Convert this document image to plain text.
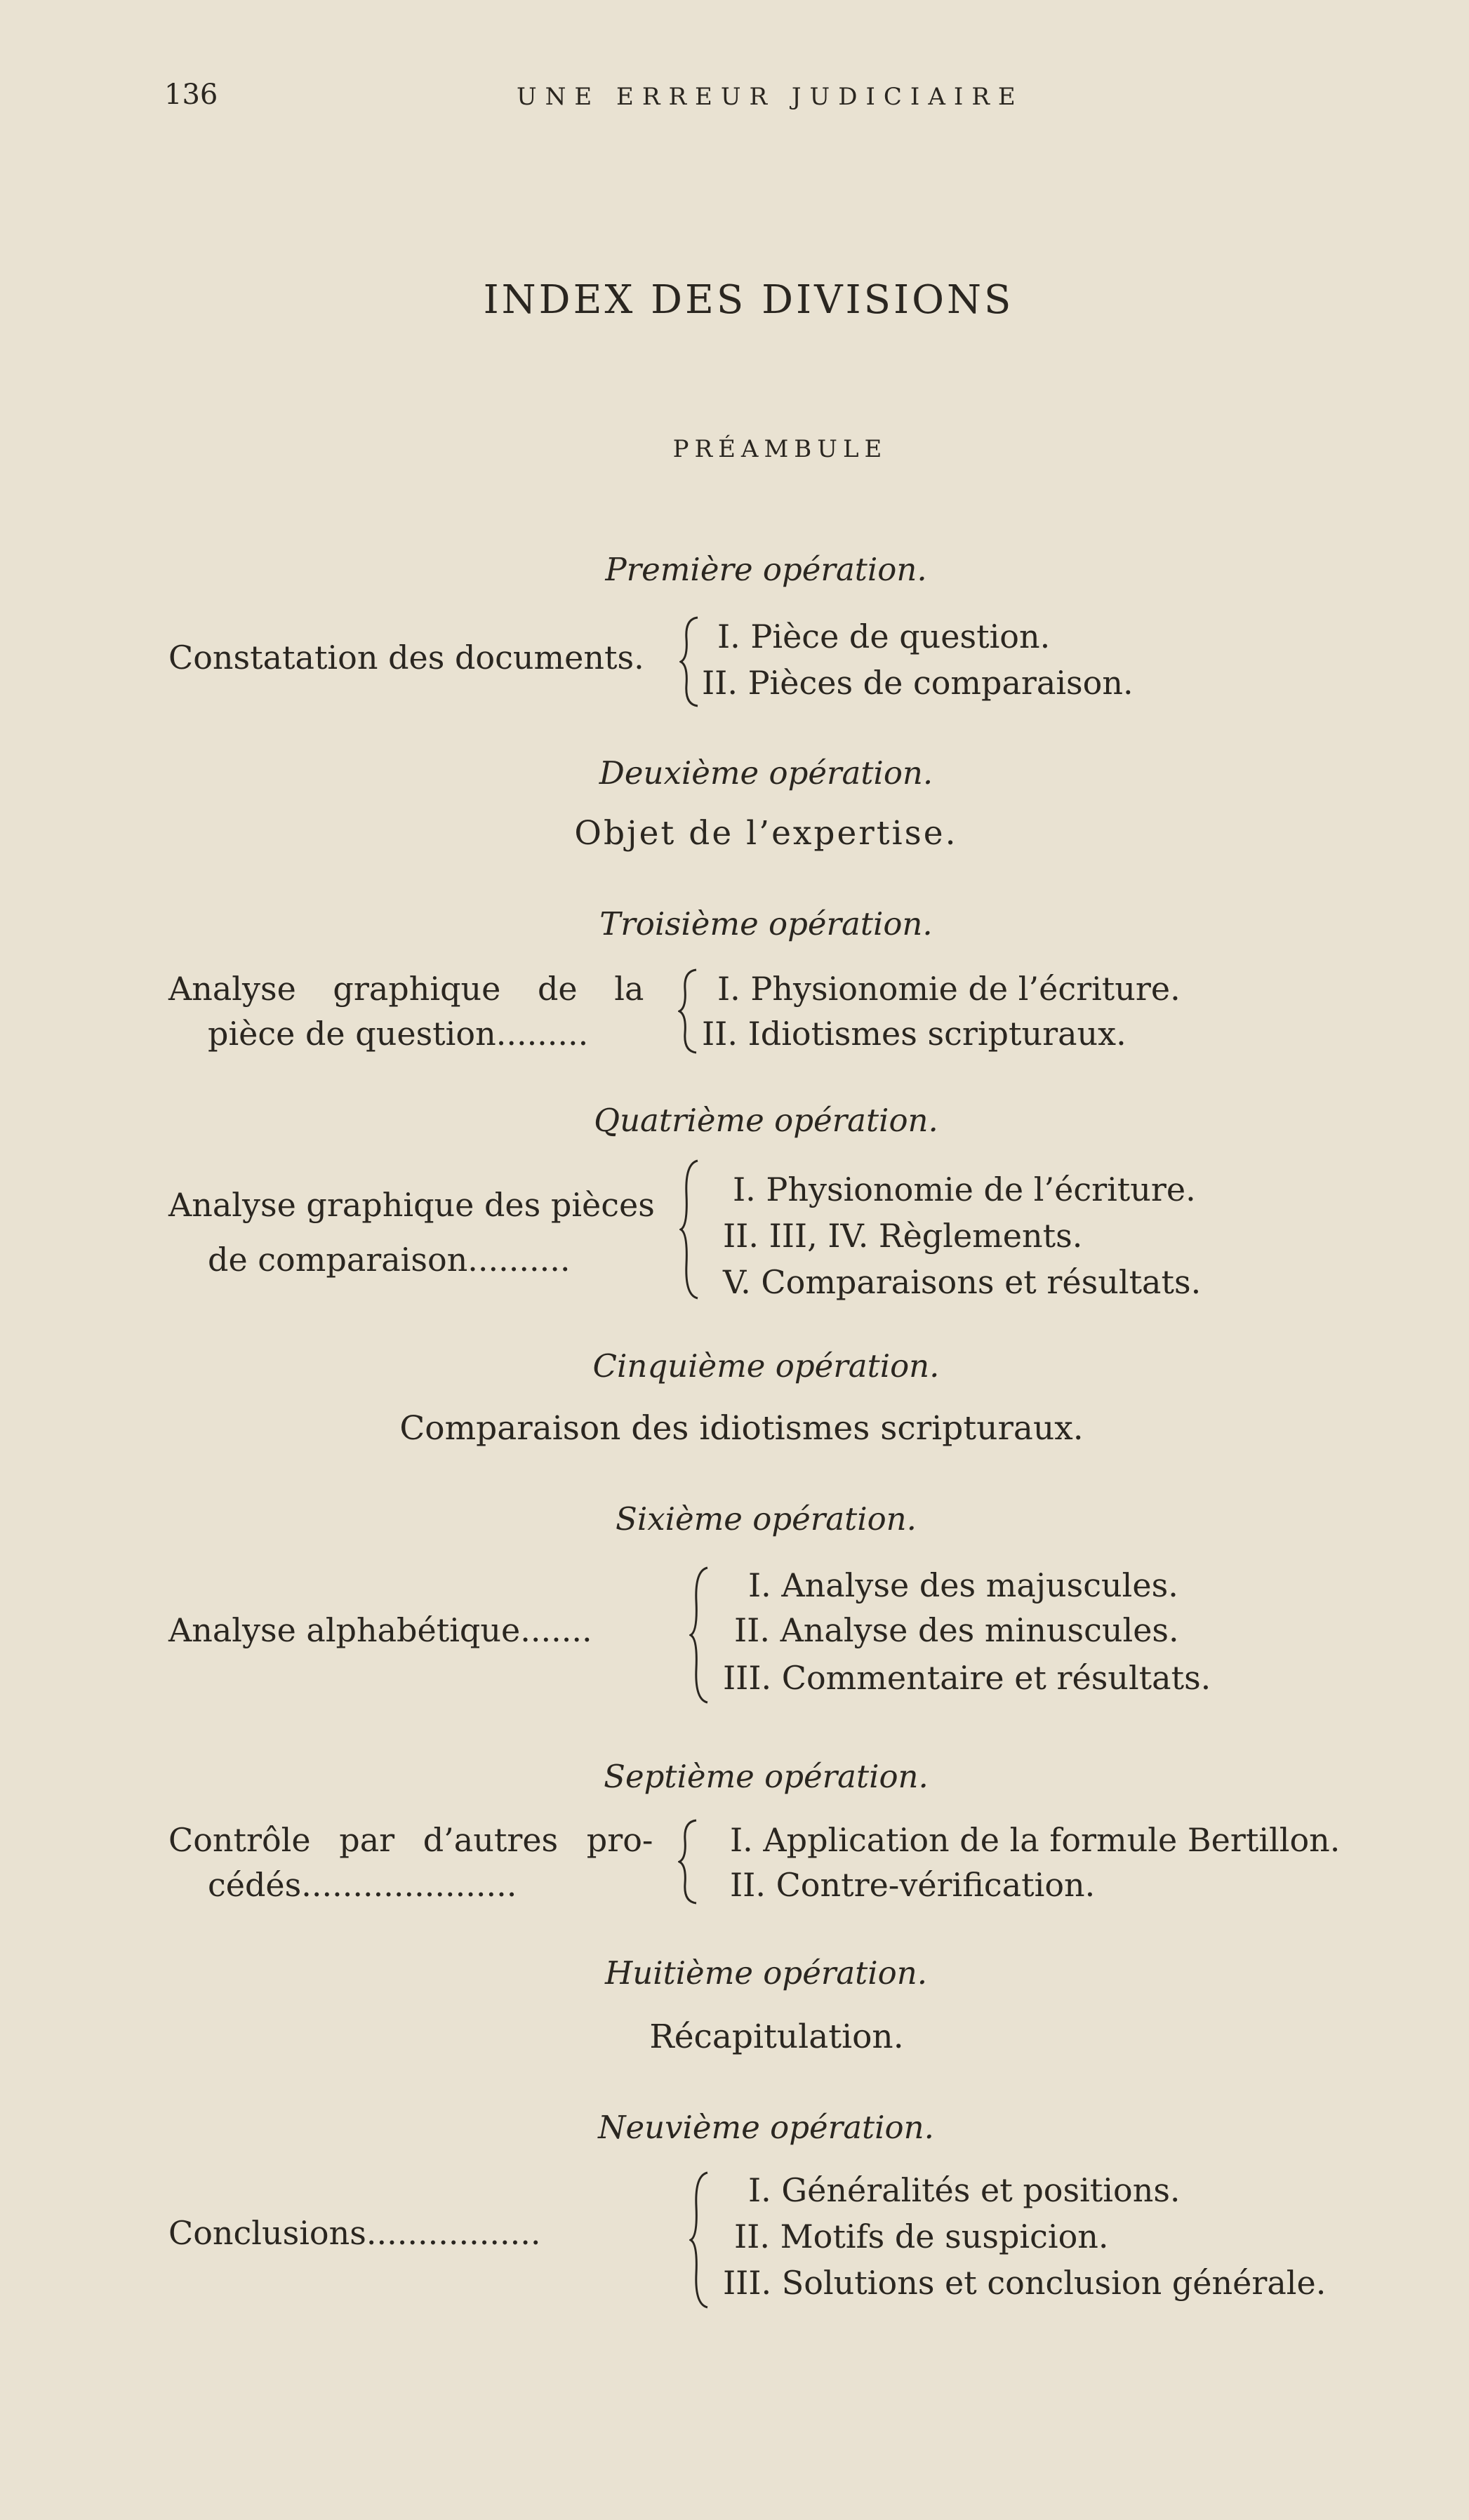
136	UNE ERREUR JUDICIAIRE
INDEX DES DIVISIONS
PRÉAMBULE
Première opération.
Constatation des documents.
I. Pièce de question.
II. Pièces de comparaison.
Deuxième opération.
Objet de l’expertise.
Troisième opération.
Analyse graphique de la
pièce de question.........
I. Physionomie de l’écriture.
II. Idiotismes scripturaux.
Quatrième opération.
Analyse graphique des pièces
de comparaison..........
I. Physionomie de l’écriture.
II. III, IV. Règlements.
V. Comparaisons et résultats.
Cinquième opération.
Comparaison des idiotismes scripturaux.
Sixième opération.
Analyse alphabétique.......
I. Analyse des majuscules.
II. Analyse des minuscules.
III. Commentaire et résultats.
Septième opération.
Contrôle par d’autres pro-
cédés.....................
I. Application de la formule Bertillon.
II. Contre-vérification.
Huitième opération.
Récapitulation.
Neuvième opération.
Conclusions.................
I. Généralités et positions.
II. Motifs de suspicion.
III. Solutions et conclusion générale.
